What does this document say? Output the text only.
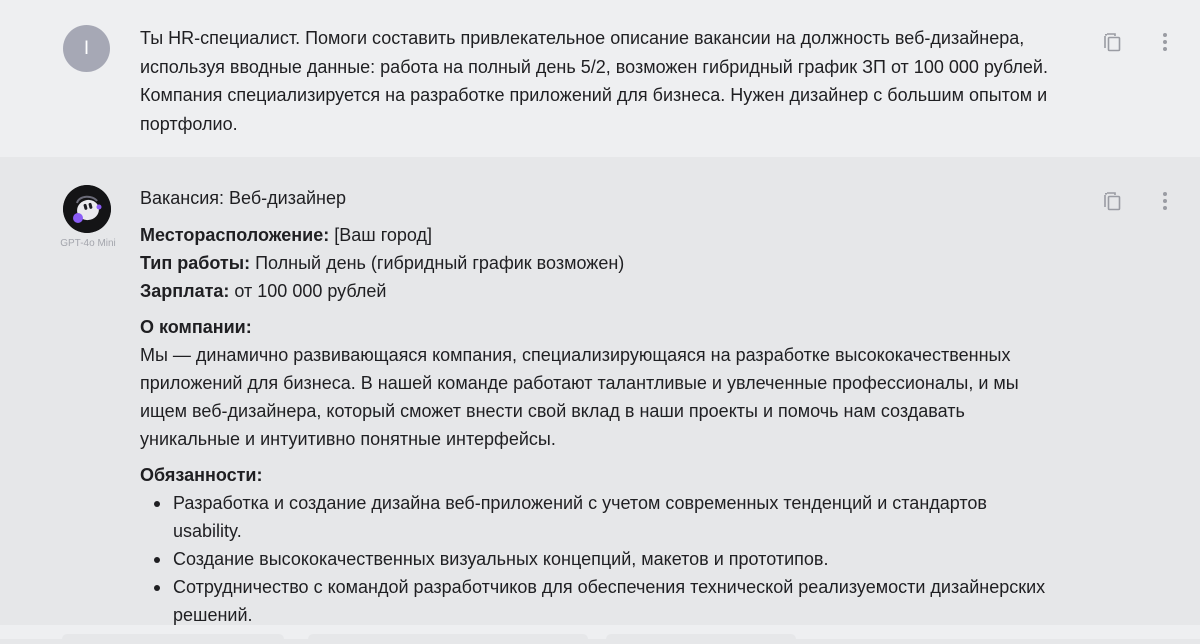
I	Ты HR-специалист. Помоги составить привлекательное описание вакансии на должность веб-дизайнера, используя вводные данные: работа на полный день 5/2, возможен гибридный график ЗП от 100 000 рублей. Компания специализируется на разработке приложений для бизнеса. Нужен дизайнер с большим опытом и портфолио.
GPT-4o Mini
Вакансия: Веб-дизайнер
Месторасположение: [Ваш город]
Тип работы: Полный день (гибридный график возможен)
Зарплата: от 100 000 рублей
О компании:
Мы — динамично развивающаяся компания, специализирующаяся на разработке высококачественных приложений для бизнеса. В нашей команде работают талантливые и увлеченные профессионалы, и мы ищем веб-дизайнера, который сможет внести свой вклад в наши проекты и помочь нам создавать уникальные и интуитивно понятные интерфейсы.
Обязанности:
Разработка и создание дизайна веб-приложений с учетом современных тенденций и стандартов usability.
Создание высококачественных визуальных концепций, макетов и прототипов.
Сотрудничество с командой разработчиков для обеспечения технической реализуемости дизайнерских решений.
